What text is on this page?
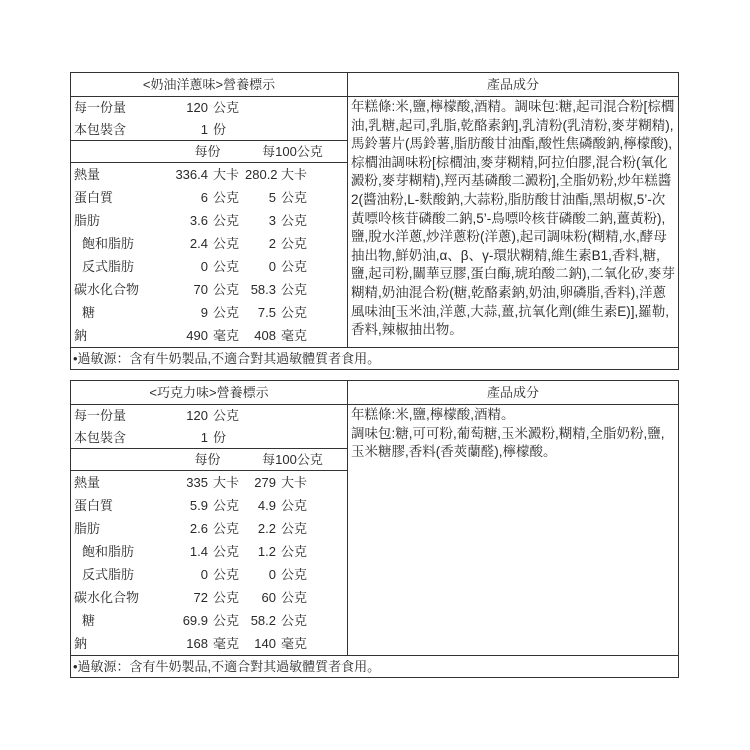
<奶油洋蔥味>營養標示	產品成分
每一份量	120 公克
本包裝含	1 份
每份	每100公克
熱量	336.4 大卡 280.2 大卡
蛋白質	6 公克	5 公克
脂肪	3.6 公克	3 公克
飽和脂肪	2.4 公克	2 公克
反式脂肪	0 公克	0 公克
碳水化合物	70 公克 58.3 公克
糖	9 公克	7.5 公克
鈉	490 毫克	408 毫克

年糕條:米,鹽,檸檬酸,酒精。調味包:糖,起司混合粉[棕櫚油,乳糖,起司,乳脂,乾酪素鈉],乳清粉(乳清粉,麥芽糊精),馬鈴薯片(馬鈴薯,脂肪酸甘油酯,酸性焦磷酸鈉,檸檬酸),棕櫚油調味粉[棕櫚油,麥芽糊精,阿拉伯膠,混合粉(氧化澱粉,麥芽糊精),羥丙基磷酸二澱粉],全脂奶粉,炒年糕醬2(醬油粉,L-麩酸鈉,大蒜粉,脂肪酸甘油酯,黑胡椒,5’-次黃嘌呤核苷磷酸二鈉,5’-鳥嘌呤核苷磷酸二鈉,薑黃粉),鹽,脫水洋蔥,炒洋蔥粉(洋蔥),起司調味粉(糊精,水,酵母抽出物,鮮奶油,α、β、γ-環狀糊精,維生素B1,香料,糖,鹽,起司粉,關華豆膠,蛋白酶,琥珀酸二鈉),二氧化矽,麥芽糊精,奶油混合粉(糖,乾酪素鈉,奶油,卵磷脂,香料),洋蔥風味油[玉米油,洋蔥,大蒜,薑,抗氧化劑(維生素E)],羅勒,香料,辣椒抽出物。

•過敏源：含有牛奶製品,不適合對其過敏體質者食用。
<巧克力味>營養標示	產品成分
每一份量	120 公克
本包裝含	1 份
每份	每100公克
熱量	335 大卡	279 大卡
蛋白質	5.9 公克	4.9 公克
脂肪	2.6 公克	2.2 公克
飽和脂肪	1.4 公克	1.2 公克
反式脂肪	0 公克	0 公克
碳水化合物	72 公克	60 公克
糖	69.9 公克 58.2 公克
鈉	168 毫克	140 毫克

年糕條:米,鹽,檸檬酸,酒精。

調味包:糖,可可粉,葡萄糖,玉米澱粉,糊精,全脂奶粉,鹽,玉米糖膠,香料(香莢蘭醛),檸檬酸。

•過敏源：含有牛奶製品,不適合對其過敏體質者食用。
